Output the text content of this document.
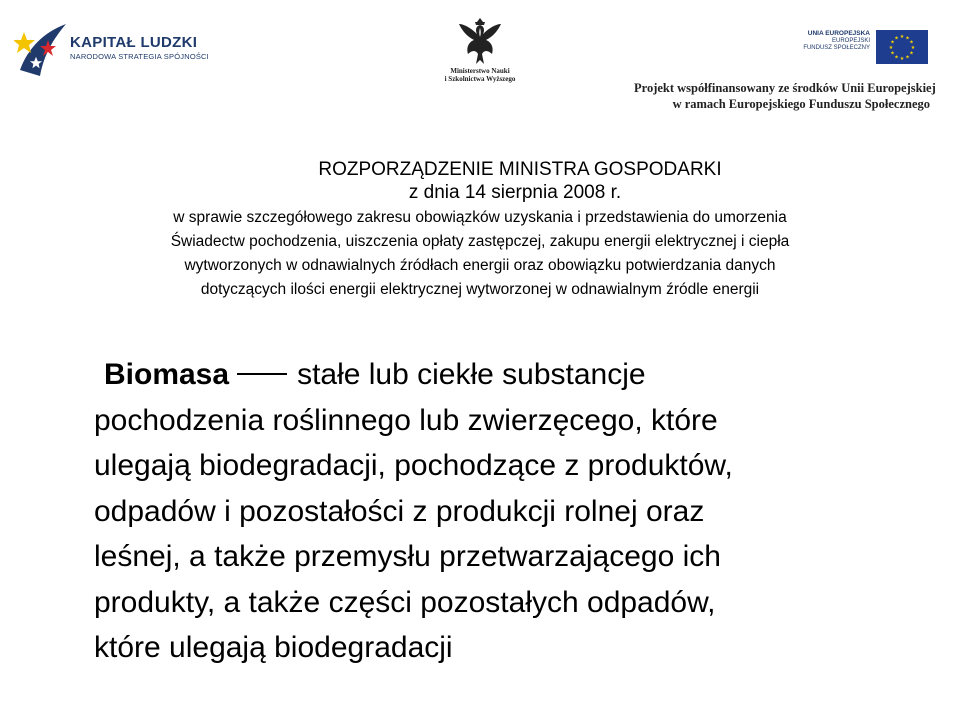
KAPITAŁ LUDZKI
NARODOWA STRATEGIA SPÓJNOŚCI
Ministerstwo Nauki
i Szkolnictwa Wyższego
UNIA EUROPEJSKA
EUROPEJSKI
FUNDUSZ SPOŁECZNY	★
★
★
★
★
★
★
★
★ ★ ★
★
Projekt współfinansowany ze środków Unii Europejskiej
w ramach Europejskiego Funduszu Społecznego
ROZPORZĄDZENIE MINISTRA GOSPODARKI
z dnia 14 sierpnia 2008 r.
w sprawie szczegółowego zakresu obowiązków uzyskania i przedstawienia do umorzenia
Świadectw pochodzenia, uiszczenia opłaty zastępczej, zakupu energii elektrycznej i ciepła
wytworzonych w odnawialnych źródłach energii oraz obowiązku potwierdzania danych
dotyczących ilości energii elektrycznej wytworzonej w odnawialnym źródle energii
Biomasa stałe lub ciekłe substancje
pochodzenia roślinnego lub zwierzęcego, które
ulegają biodegradacji, pochodzące z produktów,
odpadów i pozostałości z produkcji rolnej oraz
leśnej, a także przemysłu przetwarzającego ich
produkty, a także części pozostałych odpadów,
które ulegają biodegradacji
